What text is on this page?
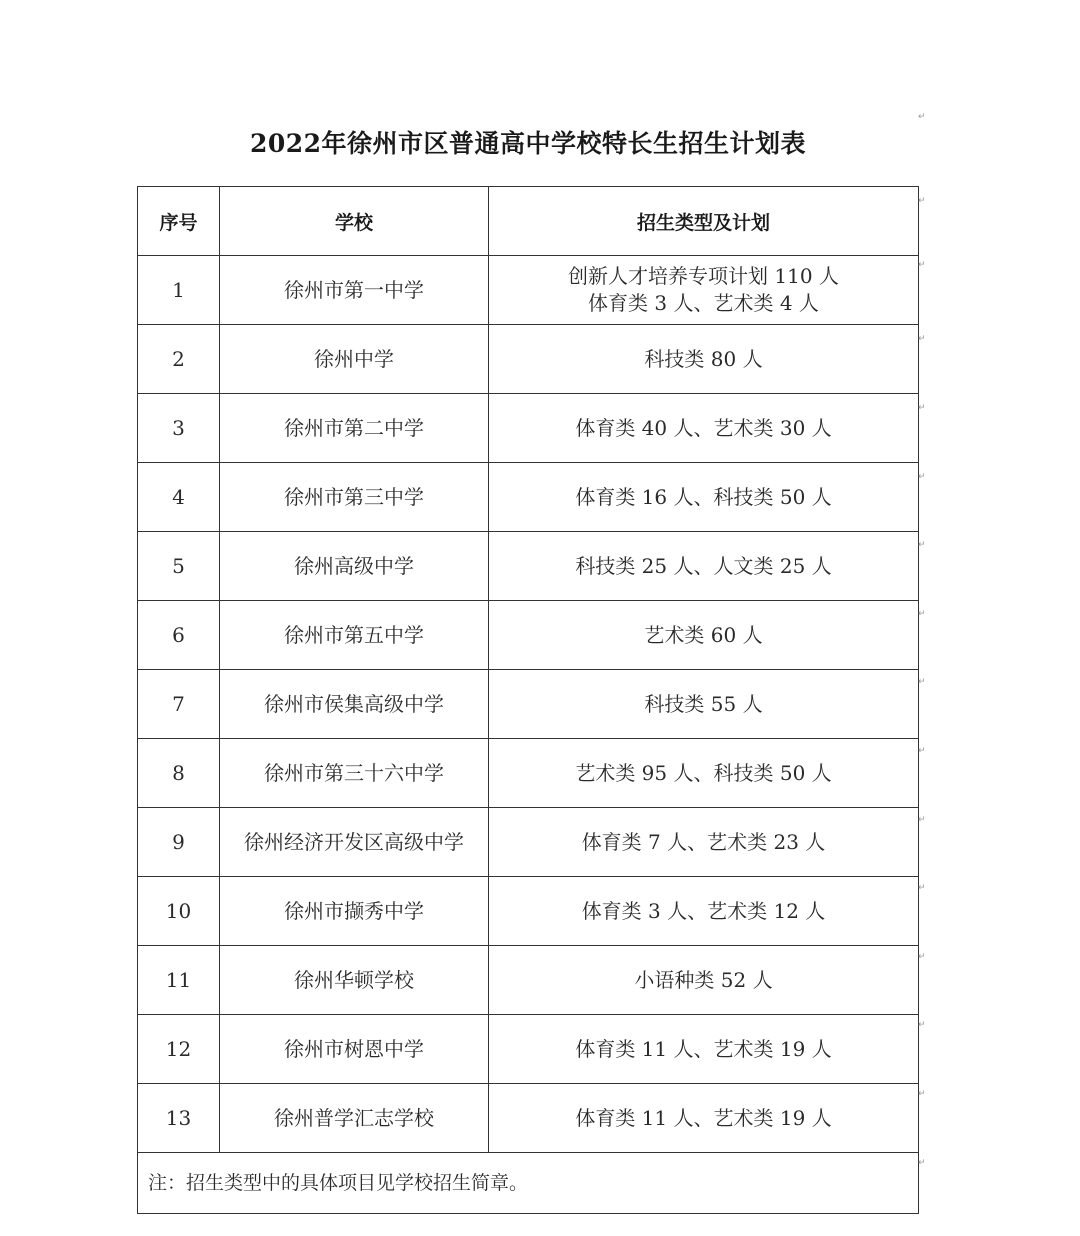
2022年徐州市区普通高中学校特长生招生计划表
序号	学校	招生类型及计划
1	徐州市第一中学	创新人才培养专项计划 110 人
体育类 3 人、艺术类 4 人

2	徐州中学	科技类 80 人

3	徐州市第二中学	体育类 40 人、艺术类 30 人

4	徐州市第三中学	体育类 16 人、科技类 50 人

5	徐州高级中学	科技类 25 人、人文类 25 人

6	徐州市第五中学	艺术类 60 人

7	徐州市侯集高级中学	科技类 55 人

8	徐州市第三十六中学	艺术类 95 人、科技类 50 人

9	徐州经济开发区高级中学	体育类 7 人、艺术类 23 人

10	徐州市撷秀中学	体育类 3 人、艺术类 12 人

11	徐州华顿学校	小语种类 52 人

12	徐州市树恩中学	体育类 11 人、艺术类 19 人

13	徐州普学汇志学校	体育类 11 人、艺术类 19 人

注：招生类型中的具体项目见学校招生简章。		
↵
↵
↵
↵
↵
↵
↵
↵
↵
↵
↵
↵
↵
↵
↵
↵
